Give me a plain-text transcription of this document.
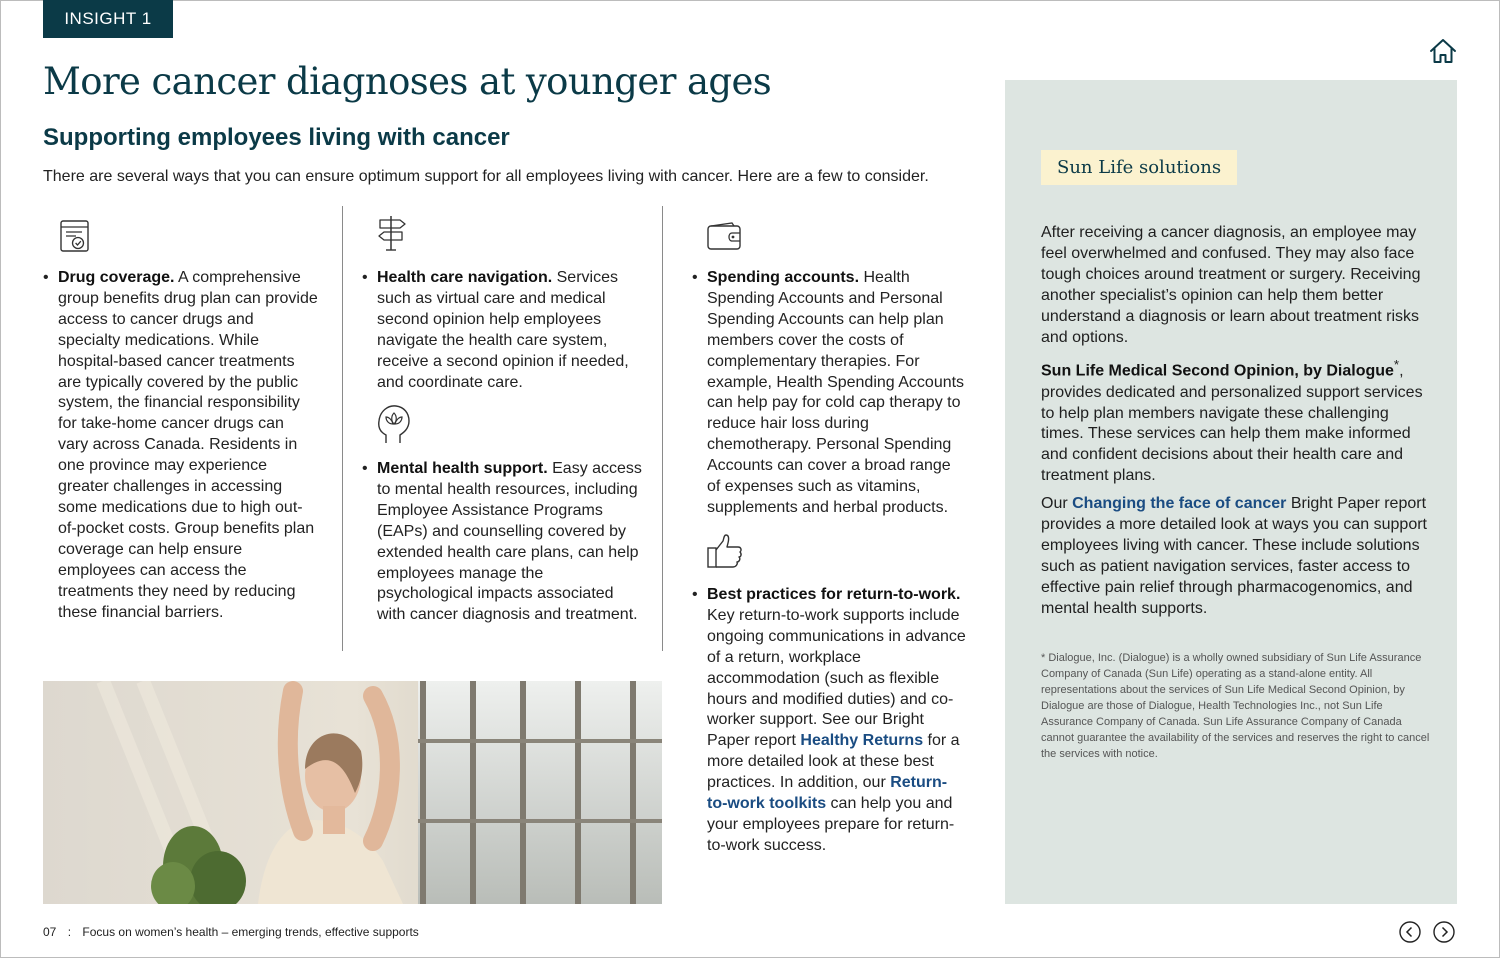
INSIGHT 1
More cancer diagnoses at younger ages
Supporting employees living with cancer
There are several ways that you can ensure optimum support for all employees living with cancer. Here are a few to consider.
• Drug coverage. A comprehensive group benefits drug plan can provide access to cancer drugs and specialty medications. While hospital-based cancer treatments are typically covered by the public system, the financial responsibility for take-home cancer drugs can vary across Canada. Residents in one province may experience greater challenges in accessing some medications due to high out-of-pocket costs. Group benefits plan coverage can help ensure employees can access the treatments they need by reducing these financial barriers.
• Health care navigation. Services such as virtual care and medical second opinion help employees navigate the health care system, receive a second opinion if needed, and coordinate care.
• Mental health support. Easy access to mental health resources, including Employee Assistance Programs (EAPs) and counselling covered by extended health care plans, can help employees manage the psychological impacts associated with cancer diagnosis and treatment.
• Spending accounts. Health Spending Accounts and Personal Spending Accounts can help plan members cover the costs of complementary therapies. For example, Health Spending Accounts can help pay for cold cap therapy to reduce hair loss during chemotherapy. Personal Spending Accounts can cover a broad range of expenses such as vitamins, supplements and herbal products.
• Best practices for return-to-work. Key return-to-work supports include ongoing communications in advance of a return, workplace accommodation (such as flexible hours and modified duties) and co-worker support. See our Bright Paper report Healthy Returns for a more detailed look at these best practices. In addition, our Return-to-work toolkits can help you and your employees prepare for return-to-work success.
Sun Life solutions

After receiving a cancer diagnosis, an employee may feel overwhelmed and confused. They may also face tough choices around treatment or surgery. Receiving another specialist’s opinion can help them better understand a diagnosis or learn about treatment risks and options.

Sun Life Medical Second Opinion, by Dialogue*, provides dedicated and personalized support services to help plan members navigate these challenging times. These services can help them make informed and confident decisions about their health care and treatment plans.

Our Changing the face of cancer Bright Paper report provides a more detailed look at ways you can support employees living with cancer. These include solutions such as patient navigation services, faster access to effective pain relief through pharmacogenomics, and mental health supports.

* Dialogue, Inc. (Dialogue) is a wholly owned subsidiary of Sun Life Assurance Company of Canada (Sun Life) operating as a stand-alone entity. All representations about the services of Sun Life Medical Second Opinion, by Dialogue are those of Dialogue, Health Technologies Inc., not Sun Life Assurance Company of Canada. Sun Life Assurance Company of Canada cannot guarantee the availability of the services and reserves the right to cancel the services with notice.
07 : Focus on women’s health – emerging trends, effective supports
